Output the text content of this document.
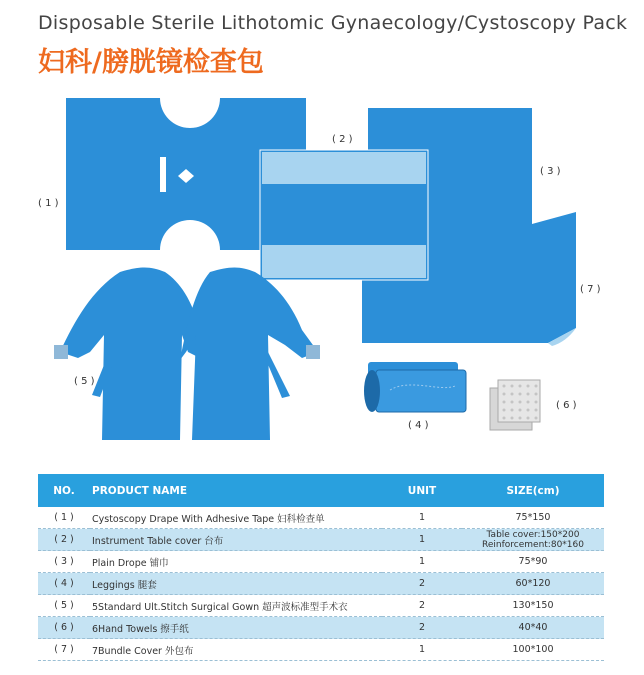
Disposable Sterile Lithotomic Gynaecology/Cystoscopy Pack
妇科/膀胱镜检查包
( 1 )
( 2 )
( 3 )
( 4 )
( 5 )
( 6 )
( 7 )
NO.	PRODUCT NAME	UNIT	SIZE(cm)
( 1 )	Cystoscopy Drape With Adhesive Tape 妇科检查单	1	75*150
( 2 )	Instrument Table cover 台布	1	Table cover:150*200
Reinforcement:80*160

( 3 )	Plain Drope 铺巾	1	75*90
( 4 )	Leggings 腿套	2	60*120
( 5 )	5Standard Ult.Stitch Surgical Gown 超声波标准型手术衣	2	130*150
( 6 )	6Hand Towels 擦手纸	2	40*40
( 7 )	7Bundle Cover 外包布	1	100*100
